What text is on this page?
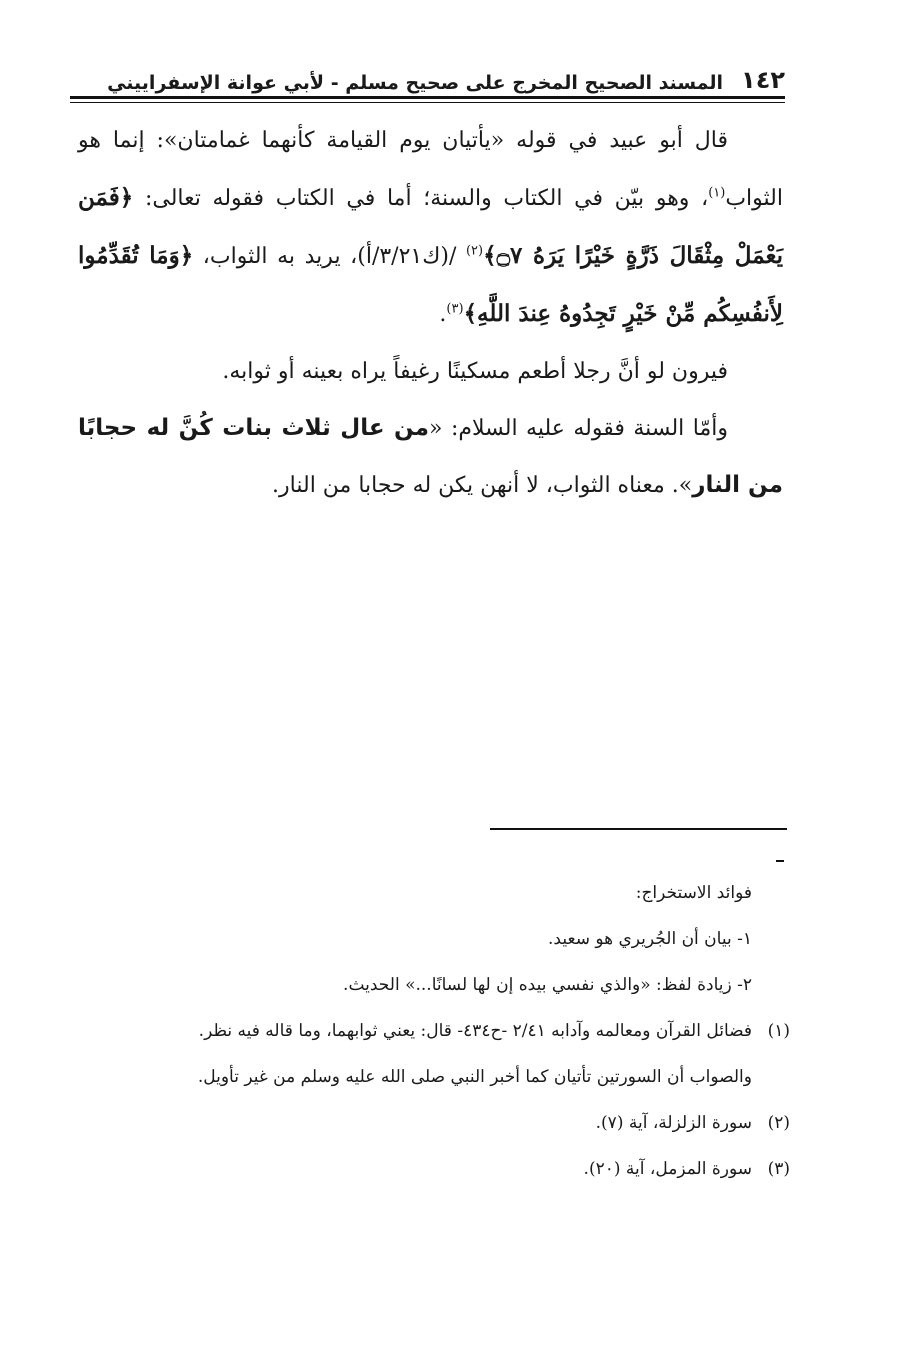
١٤٢
المسند الصحيح المخرج على صحيح مسلم - لأبي عوانة الإسفراييني

قال أبو عبيد في قوله «يأتيان يوم القيامة كأنهما غمامتان»: إنما هو الثواب$^{(١)}$، وهو بيّن في الكتاب والسنة؛ أما في الكتاب فقوله تعالى: ﴿فَمَن يَعْمَلْ مِثْقَالَ ذَرَّةٍ خَيْرًا يَرَهُ ۝٧﴾$^{(٢)}$ /(ك٣/٢١/أ)، يريد به الثواب، ﴿وَمَا تُقَدِّمُوا لِأَنفُسِكُم مِّنْ خَيْرٍ تَجِدُوهُ عِندَ اللَّهِ﴾$^{(٣)}$.

فيرون لو أنَّ رجلا أطعم مسكينًا رغيفاً يراه بعينه أو ثوابه.

وأمّا السنة فقوله عليه السلام: «من عال ثلاث بنات كُنَّ له حجابًا من النار». معناه الثواب، لا أنهن يكن له حجابا من النار.

فوائد الاستخراج:

١- بيان أن الجُريري هو سعيد.

٢- زيادة لفظ: «والذي نفسي بيده إن لها لسانًا...» الحديث.

(١)
فضائل القرآن ومعالمه وآدابه ٢/٤١ -ح٤٣٤- قال: يعني ثوابهما، وما قاله فيه نظر.

والصواب أن السورتين تأتيان كما أخبر النبي صلى الله عليه وسلم من غير تأويل.

(٢)
سورة الزلزلة، آية (٧).
(٣)
سورة المزمل، آية (٢٠).
